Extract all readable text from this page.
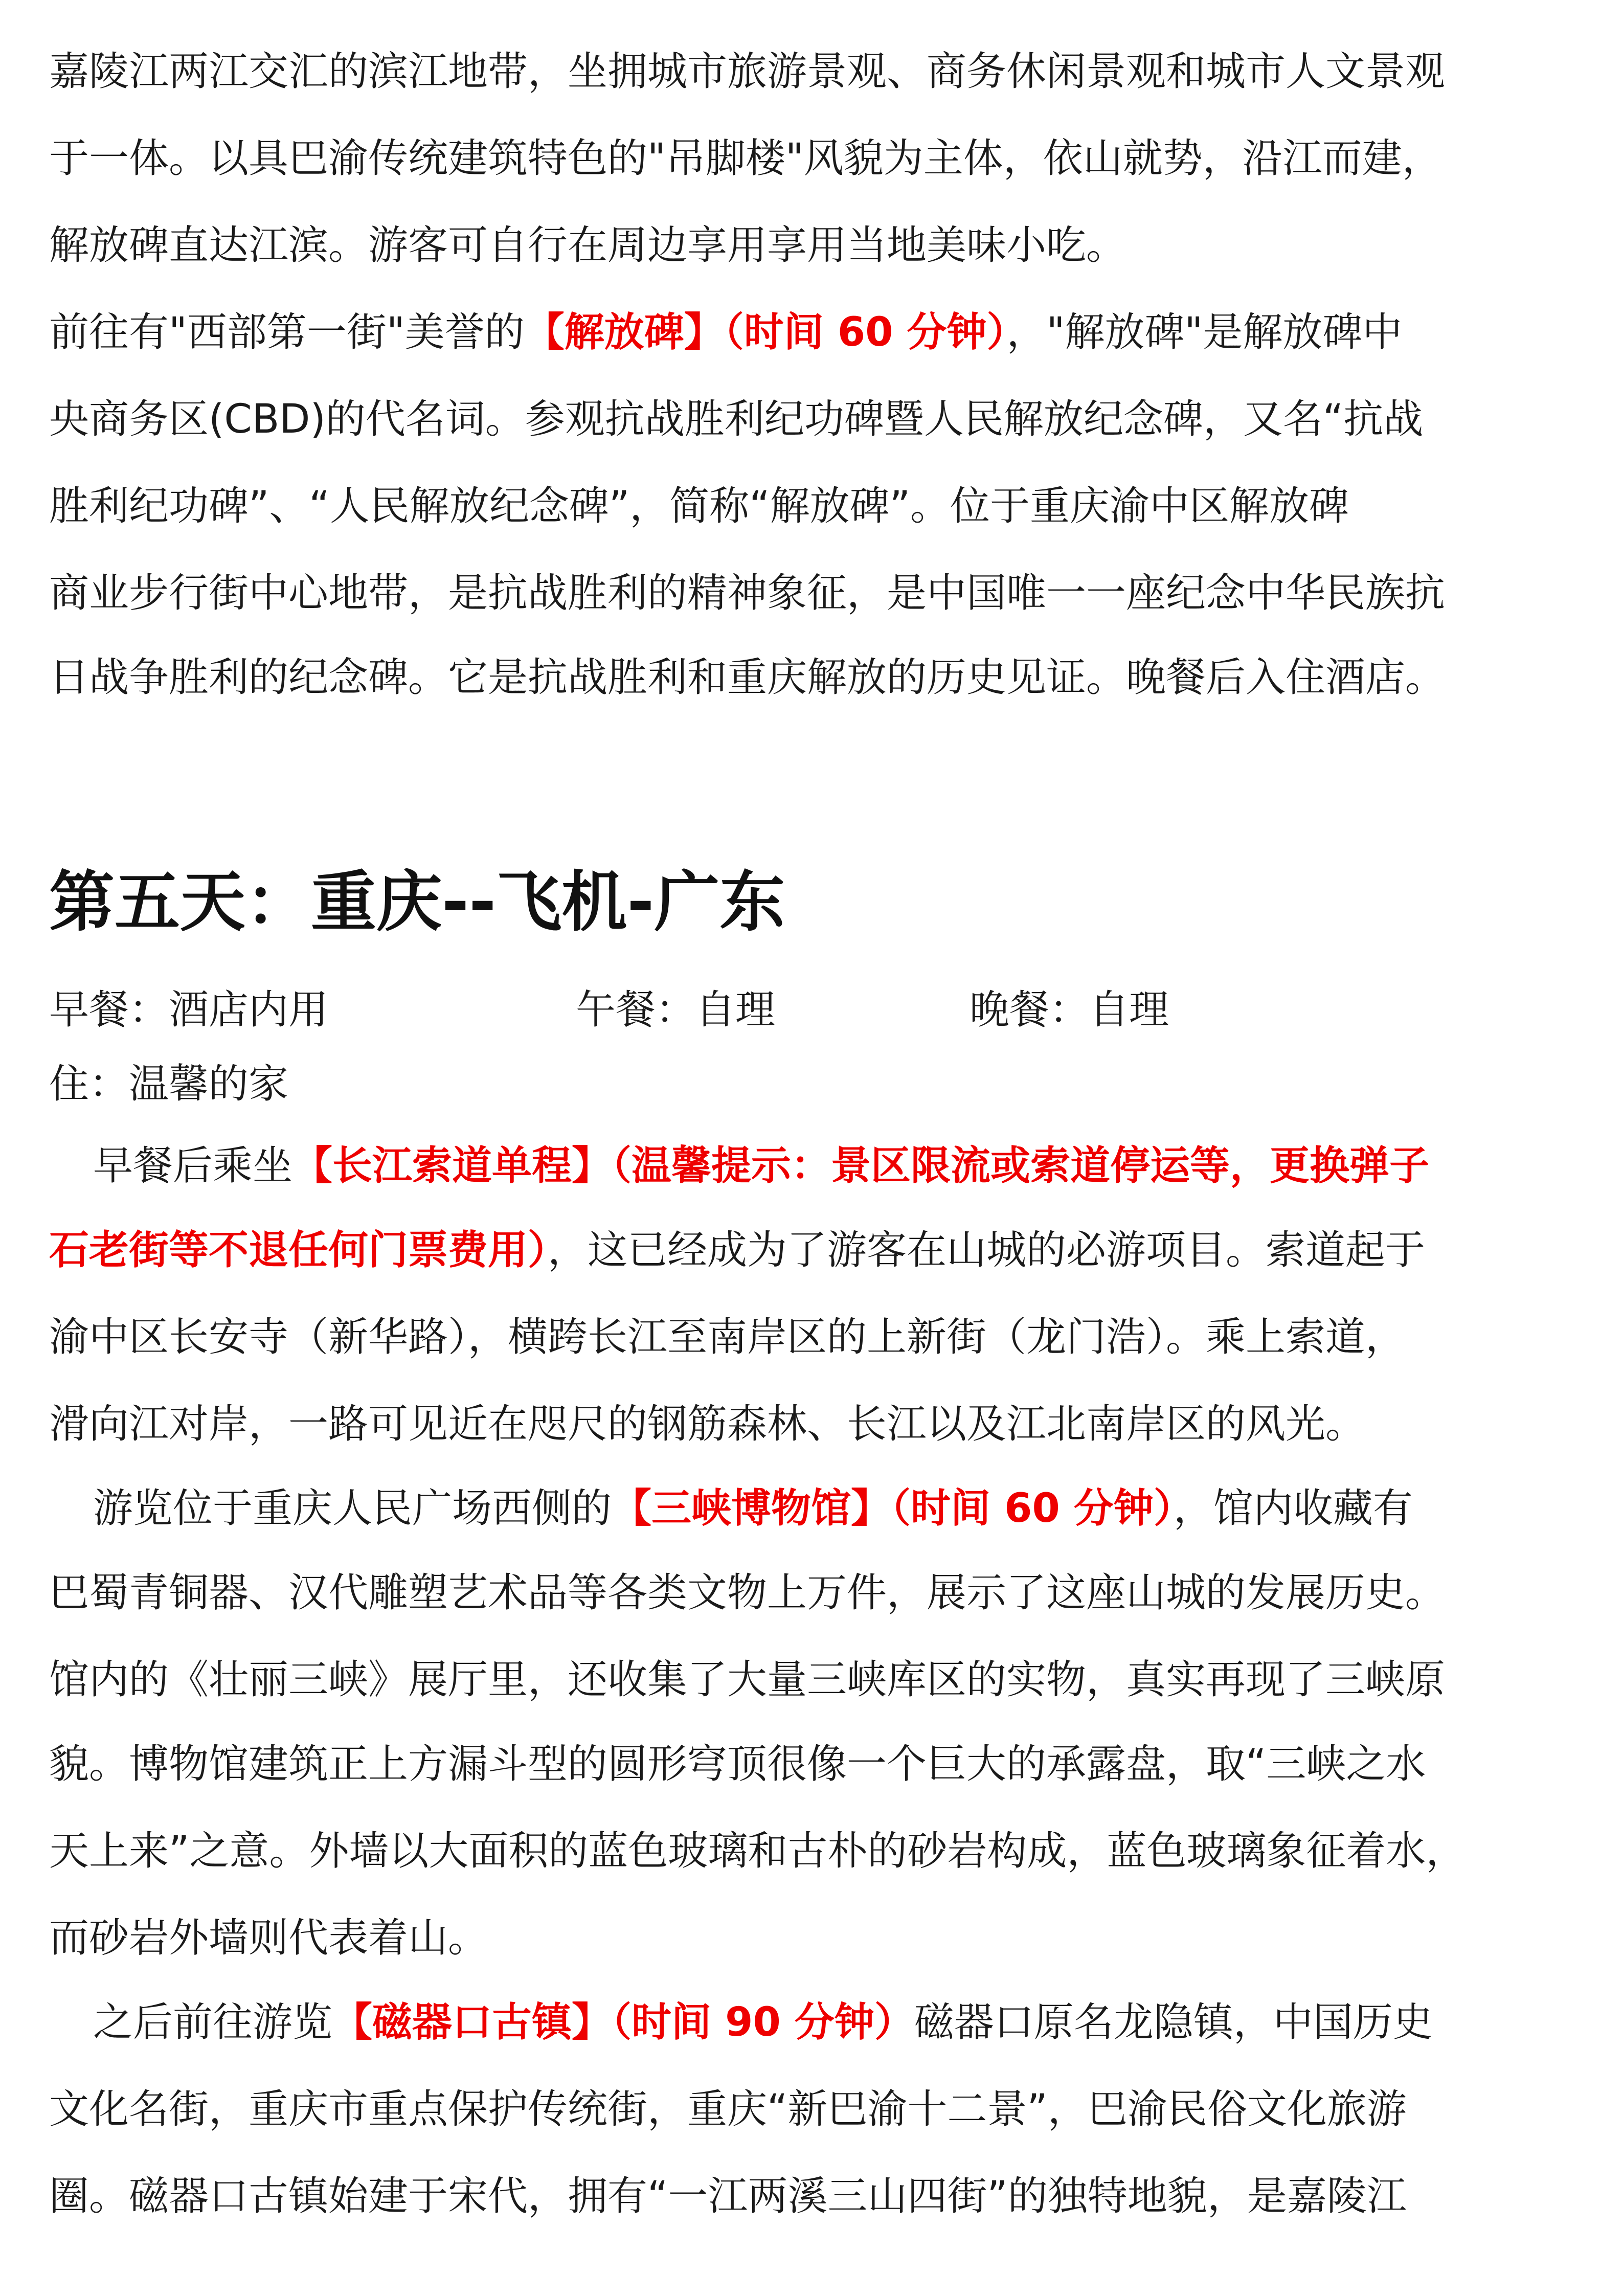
嘉陵江两江交汇的滨江地带，坐拥城市旅游景观、商务休闲景观和城市人文景观
于一体。以具巴渝传统建筑特色的"吊脚楼"风貌为主体，依山就势，沿江而建，
解放碑直达江滨。游客可自行在周边享用享用当地美味小吃。
前往有"西部第一街"美誉的【解放碑】（时间 60 分钟），"解放碑"是解放碑中
央商务区(CBD)的代名词。参观抗战胜利纪功碑暨人民解放纪念碑，又名“抗战
胜利纪功碑”、“人民解放纪念碑”，简称“解放碑”。位于重庆渝中区解放碑
商业步行街中心地带，是抗战胜利的精神象征，是中国唯一一座纪念中华民族抗
日战争胜利的纪念碑。它是抗战胜利和重庆解放的历史见证。晚餐后入住酒店。
第五天：重庆--飞机-广东
早餐：酒店内用	午餐：自理	晚餐：自理
住：温馨的家
早餐后乘坐【长江索道单程】（温馨提示：景区限流或索道停运等，更换弹子
石老街等不退任何门票费用），这已经成为了游客在山城的必游项目。索道起于
渝中区长安寺（新华路），横跨长江至南岸区的上新街（龙门浩）。乘上索道，
滑向江对岸，一路可见近在咫尺的钢筋森林、长江以及江北南岸区的风光。
游览位于重庆人民广场西侧的【三峡博物馆】（时间 60 分钟），馆内收藏有
巴蜀青铜器、汉代雕塑艺术品等各类文物上万件，展示了这座山城的发展历史。
馆内的《壮丽三峡》展厅里，还收集了大量三峡库区的实物，真实再现了三峡原
貌。博物馆建筑正上方漏斗型的圆形穹顶很像一个巨大的承露盘，取“三峡之水
天上来”之意。外墙以大面积的蓝色玻璃和古朴的砂岩构成，蓝色玻璃象征着水，
而砂岩外墙则代表着山。
之后前往游览【磁器口古镇】（时间 90 分钟）磁器口原名龙隐镇，中国历史
文化名街，重庆市重点保护传统街，重庆“新巴渝十二景”，巴渝民俗文化旅游
圈。磁器口古镇始建于宋代，拥有“一江两溪三山四街”的独特地貌，是嘉陵江
